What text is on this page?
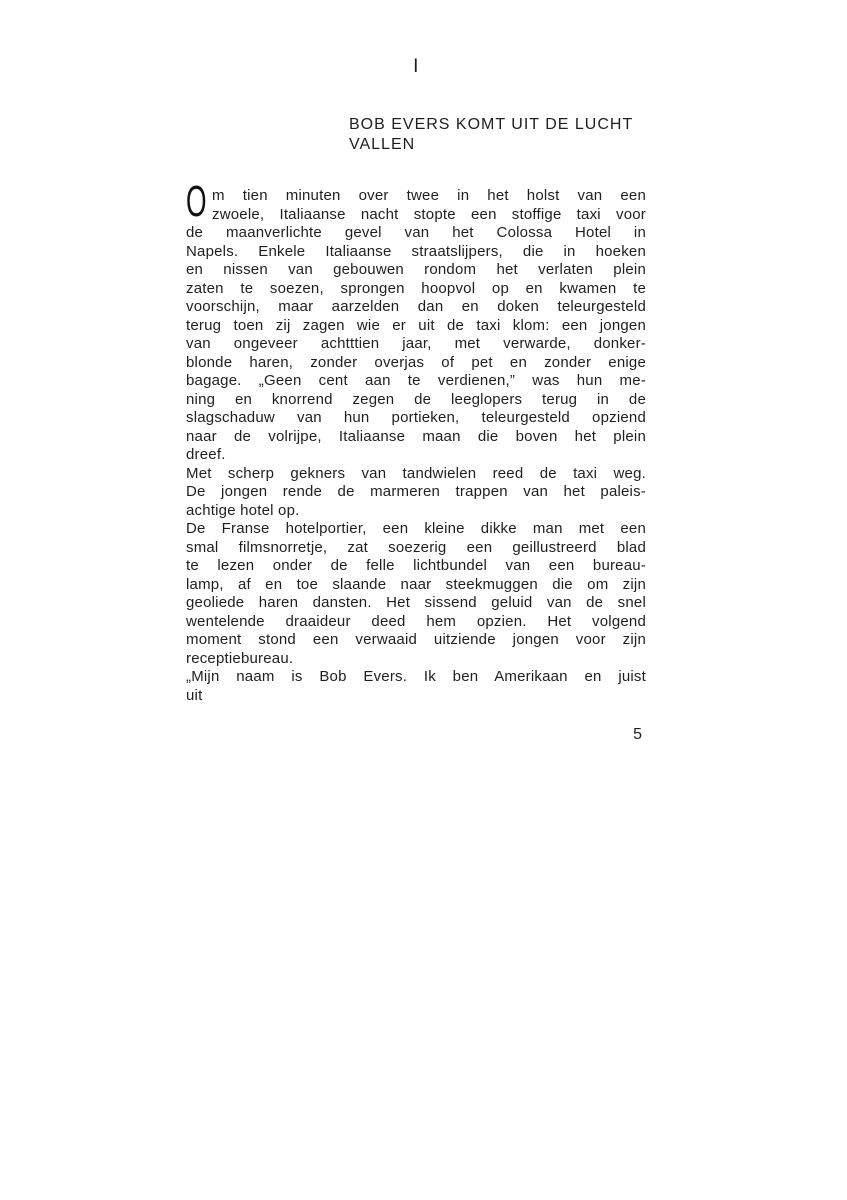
I
BOB EVERS KOMT UIT DE LUCHT
VALLEN
O m tien minuten over twee in het holst van een
zwoele, Italiaanse nacht stopte een stoffige taxi voor
de maanverlichte gevel van het Colossa Hotel in
Napels. Enkele Italiaanse straatslijpers, die in hoeken
en nissen van gebouwen rondom het verlaten plein
zaten te soezen, sprongen hoopvol op en kwamen te
voorschijn, maar aarzelden dan en doken teleurgesteld
terug toen zij zagen wie er uit de taxi klom: een jongen
van ongeveer achtttien jaar, met verwarde, donker-
blonde haren, zonder overjas of pet en zonder enige
bagage. „Geen cent aan te verdienen,” was hun me-
ning en knorrend zegen de leeglopers terug in de
slagschaduw van hun portieken, teleurgesteld opziend
naar de volrijpe, Italiaanse maan die boven het plein
dreef.
Met scherp gekners van tandwielen reed de taxi weg.
De jongen rende de marmeren trappen van het paleis-
achtige hotel op.
De Franse hotelportier, een kleine dikke man met een
smal filmsnorretje, zat soezerig een geillustreerd blad
te lezen onder de felle lichtbundel van een bureau-
lamp, af en toe slaande naar steekmuggen die om zijn
geoliede haren dansten. Het sissend geluid van de snel
wentelende draaideur deed hem opzien. Het volgend
moment stond een verwaaid uitziende jongen voor zijn
receptiebureau.
„Mijn naam is Bob Evers. Ik ben Amerikaan en juist
uit
5
